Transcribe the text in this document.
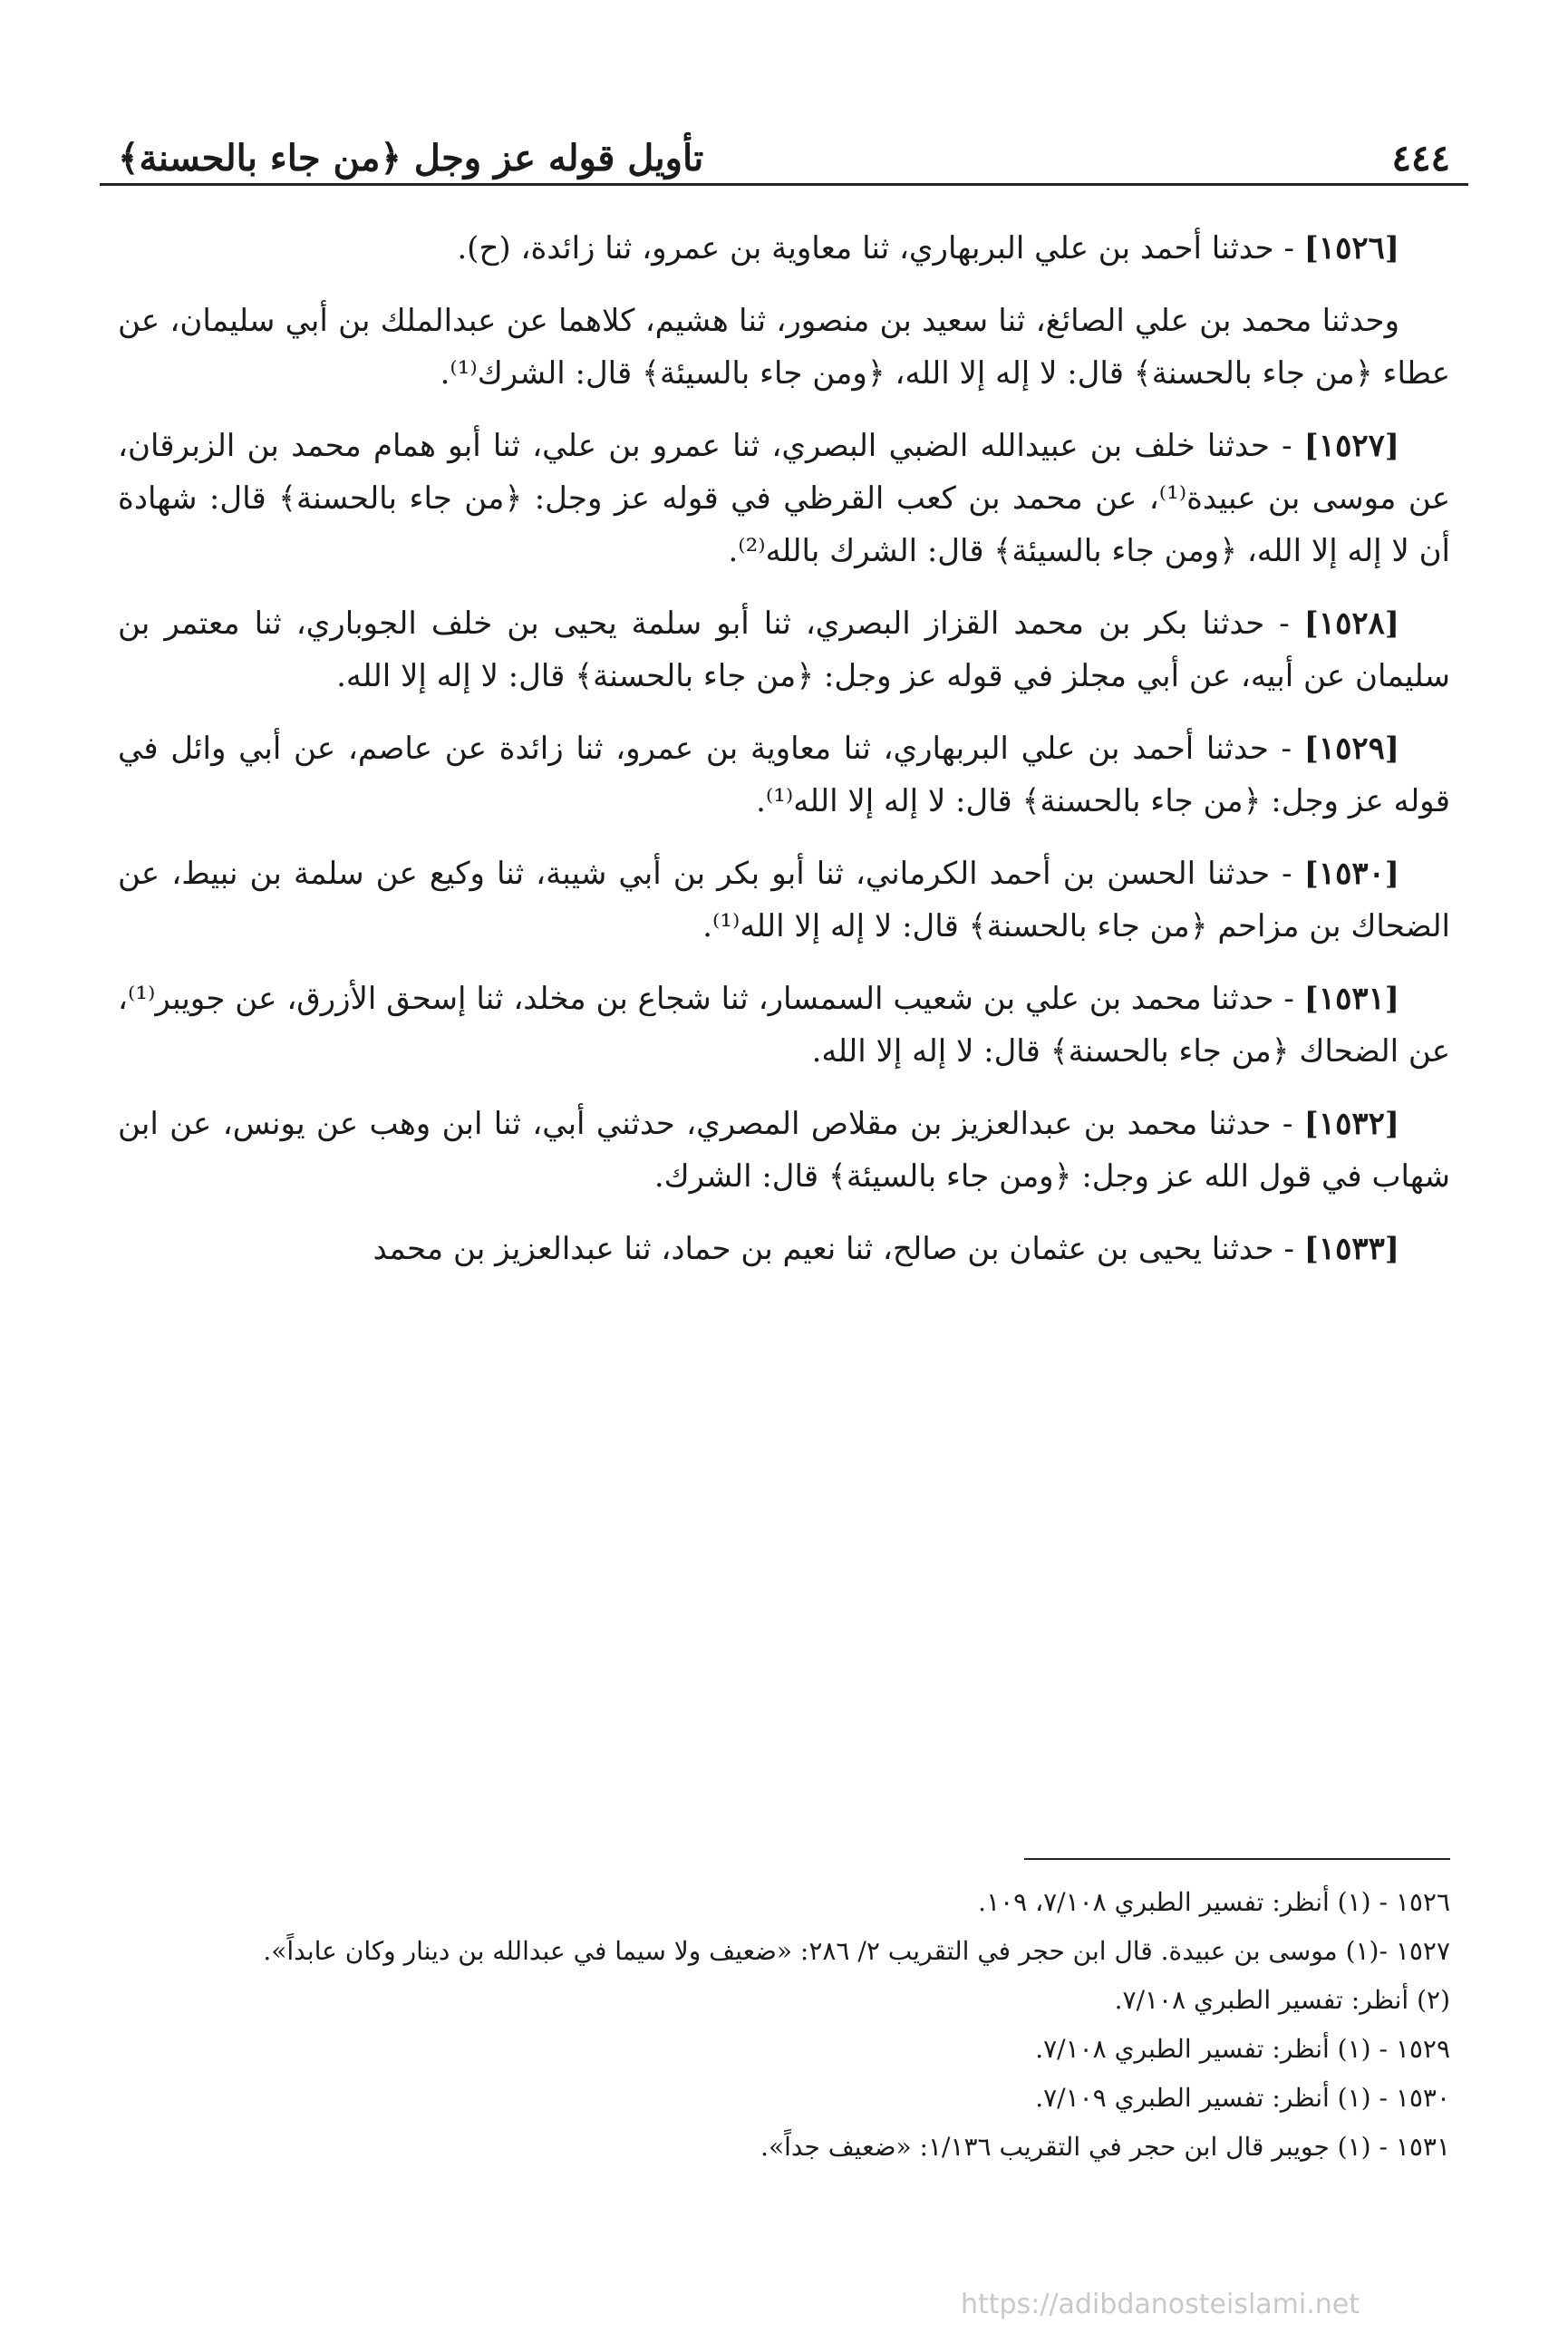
٤٤٤
تأويل قوله عز وجل ﴿من جاء بالحسنة﴾
[١٥٢٦] - حدثنا أحمد بن علي البربهاري، ثنا معاوية بن عمرو، ثنا زائدة، (ح).
وحدثنا محمد بن علي الصائغ، ثنا سعيد بن منصور، ثنا هشيم، كلاهما عن عبدالملك بن أبي سليمان، عن عطاء ﴿من جاء بالحسنة﴾ قال: لا إله إلا الله، ﴿ومن جاء بالسيئة﴾ قال: الشرك⁽¹⁾.
[١٥٢٧] - حدثنا خلف بن عبيدالله الضبي البصري، ثنا عمرو بن علي، ثنا أبو همام محمد بن الزبرقان، عن موسى بن عبيدة⁽¹⁾، عن محمد بن كعب القرظي في قوله عز وجل: ﴿من جاء بالحسنة﴾ قال: شهادة أن لا إله إلا الله، ﴿ومن جاء بالسيئة﴾ قال: الشرك بالله⁽²⁾.
[١٥٢٨] - حدثنا بكر بن محمد القزاز البصري، ثنا أبو سلمة يحيى بن خلف الجوباري، ثنا معتمر بن سليمان عن أبيه، عن أبي مجلز في قوله عز وجل: ﴿من جاء بالحسنة﴾ قال: لا إله إلا الله.
[١٥٢٩] - حدثنا أحمد بن علي البربهاري، ثنا معاوية بن عمرو، ثنا زائدة عن عاصم، عن أبي وائل في قوله عز وجل: ﴿من جاء بالحسنة﴾ قال: لا إله إلا الله⁽¹⁾.
[١٥٣٠] - حدثنا الحسن بن أحمد الكرماني، ثنا أبو بكر بن أبي شيبة، ثنا وكيع عن سلمة بن نبيط، عن الضحاك بن مزاحم ﴿من جاء بالحسنة﴾ قال: لا إله إلا الله⁽¹⁾.
[١٥٣١] - حدثنا محمد بن علي بن شعيب السمسار، ثنا شجاع بن مخلد، ثنا إسحق الأزرق، عن جويبر⁽¹⁾، عن الضحاك ﴿من جاء بالحسنة﴾ قال: لا إله إلا الله.
[١٥٣٢] - حدثنا محمد بن عبدالعزيز بن مقلاص المصري، حدثني أبي، ثنا ابن وهب عن يونس، عن ابن شهاب في قول الله عز وجل: ﴿ومن جاء بالسيئة﴾ قال: الشرك.
[١٥٣٣] - حدثنا يحيى بن عثمان بن صالح، ثنا نعيم بن حماد، ثنا عبدالعزيز بن محمد
١٥٢٦ - (١) أنظر: تفسير الطبري ٧/١٠٨، ١٠٩.
١٥٢٧ -(١) موسى بن عبيدة. قال ابن حجر في التقريب ٢/ ٢٨٦: «ضعيف ولا سيما في عبدالله بن دينار وكان عابداً».
(٢) أنظر: تفسير الطبري ٧/١٠٨.
١٥٢٩ - (١) أنظر: تفسير الطبري ٧/١٠٨.
١٥٣٠ - (١) أنظر: تفسير الطبري ٧/١٠٩.
١٥٣١ - (١) جويبر قال ابن حجر في التقريب ١/١٣٦: «ضعيف جداً».
https://adibdanosteislami.net
